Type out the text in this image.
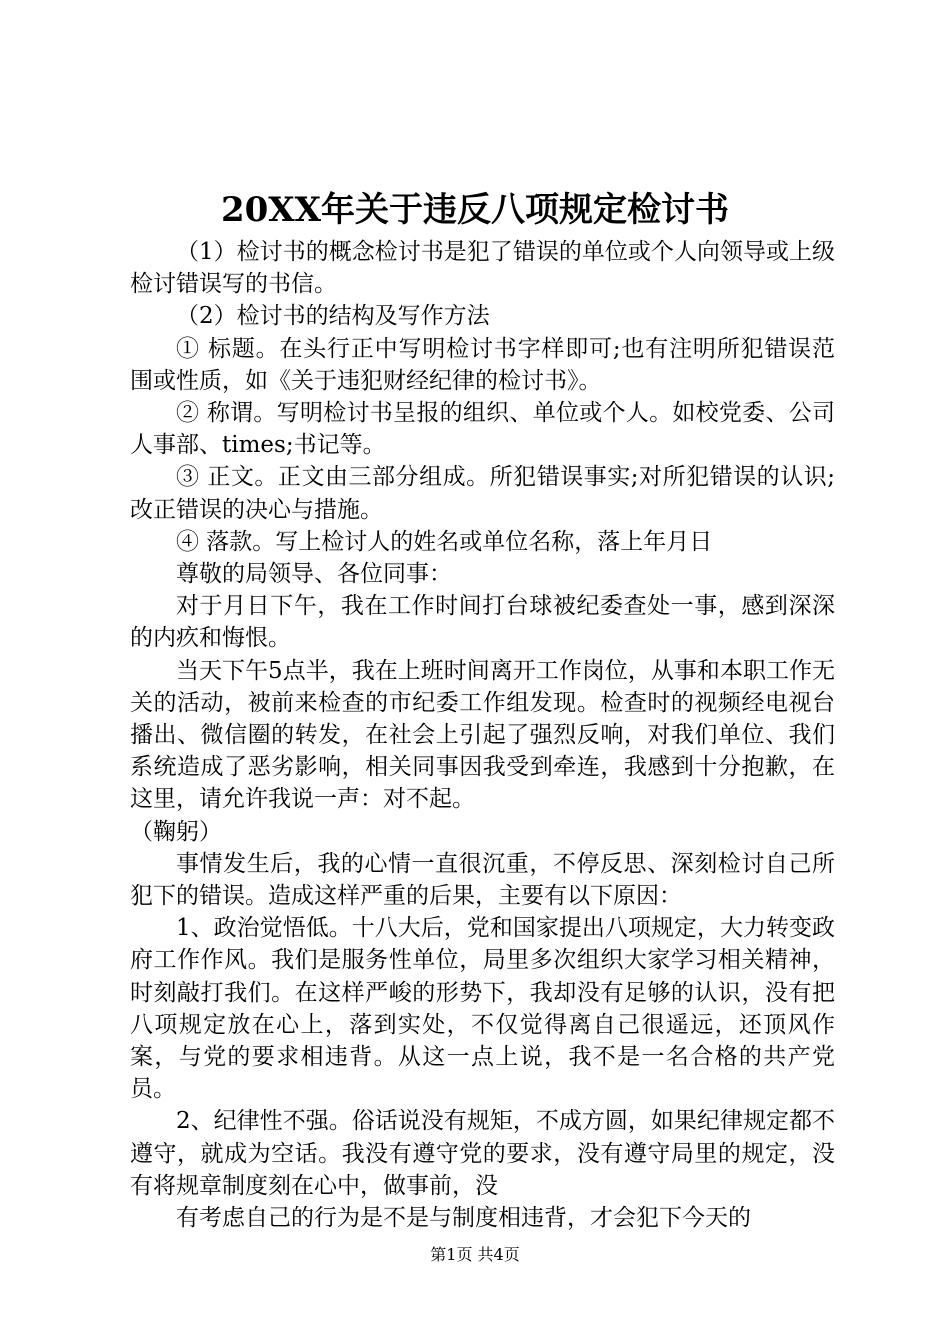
20XX年关于违反八项规定检讨书

（1）检讨书的概念检讨书是犯了错误的单位或个人向领导或上级检讨错误写的书信。

（2）检讨书的结构及写作方法

① 标题。在头行正中写明检讨书字样即可;也有注明所犯错误范围或性质，如《关于违犯财经纪律的检讨书》。

② 称谓。写明检讨书呈报的组织、单位或个人。如校党委、公司人事部、times;书记等。

③ 正文。正文由三部分组成。所犯错误事实;对所犯错误的认识;改正错误的决心与措施。

④ 落款。写上检讨人的姓名或单位名称，落上年月日

尊敬的局领导、各位同事：

对于月日下午，我在工作时间打台球被纪委查处一事，感到深深的内疚和悔恨。

当天下午5点半，我在上班时间离开工作岗位，从事和本职工作无关的活动，被前来检查的市纪委工作组发现。检查时的视频经电视台播出、微信圈的转发，在社会上引起了强烈反响，对我们单位、我们系统造成了恶劣影响，相关同事因我受到牵连，我感到十分抱歉，在这里，请允许我说一声：对不起。

（鞠躬）

事情发生后，我的心情一直很沉重，不停反思、深刻检讨自己所犯下的错误。造成这样严重的后果，主要有以下原因：

1、政治觉悟低。十八大后，党和国家提出八项规定，大力转变政府工作作风。我们是服务性单位，局里多次组织大家学习相关精神，时刻敲打我们。在这样严峻的形势下，我却没有足够的认识，没有把八项规定放在心上，落到实处，不仅觉得离自己很遥远，还顶风作案，与党的要求相违背。从这一点上说，我不是一名合格的共产党员。

2、纪律性不强。俗话说没有规矩，不成方圆，如果纪律规定都不遵守，就成为空话。我没有遵守党的要求，没有遵守局里的规定，没有将规章制度刻在心中，做事前，没

有考虑自己的行为是不是与制度相违背，才会犯下今天的

第1页 共4页
